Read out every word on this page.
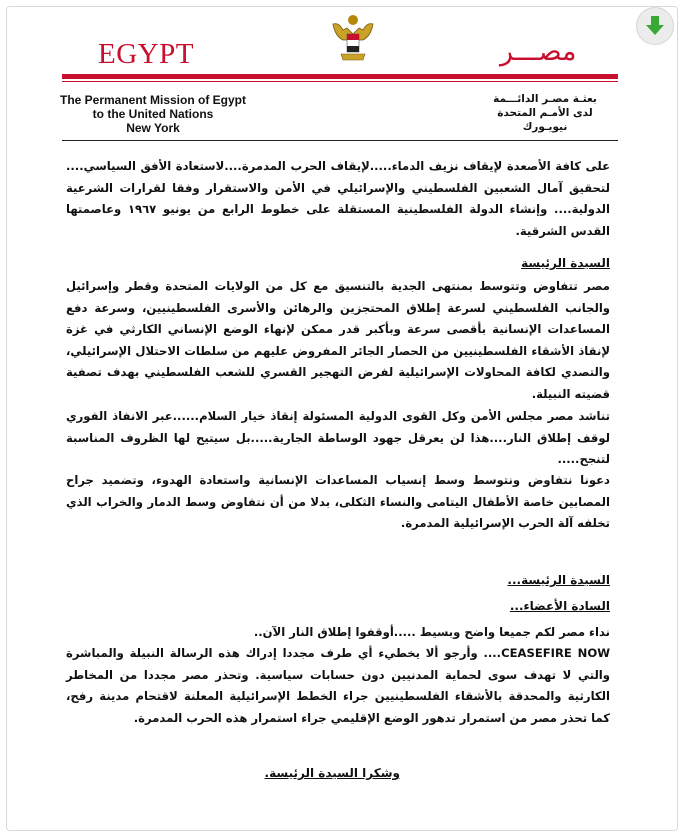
EGYPT	مصـــر
The Permanent Mission of Egypt
to the United Nations
New York
بعثـة مصـر الدائـــمة
لدى الأمـم المتحدة
نيويـورك

على كافة الأصعدة لإيقاف نزيف الدماء.....لإيقاف الحرب المدمرة....لاستعادة الأفق السياسي.... لتحقيق آمال الشعبين الفلسطيني والإسرائيلي في الأمن والاستقرار وفقا لقرارات الشرعية الدولية.... وإنشاء الدولة الفلسطينية المستقلة على خطوط الرابع من يونيو ١٩٦٧ وعاصمتها القدس الشرقية.

السيدة الرئيسة

مصر تتفاوض وتتوسط بمنتهى الجدية بالتنسيق مع كل من الولايات المتحدة وقطر وإسرائيل والجانب الفلسطيني لسرعة إطلاق المحتجزين والرهائن والأسرى الفلسطينيين، وسرعة دفع المساعدات الإنسانية بأقصى سرعة وبأكبر قدر ممكن لإنهاء الوضع الإنساني الكارثي في غزة لإنقاذ الأشقاء الفلسطينيين من الحصار الجائر المفروض عليهم من سلطات الاحتلال الإسرائيلي، والتصدي لكافة المحاولات الإسرائيلية لفرض التهجير القسري للشعب الفلسطيني بهدف تصفية قضيته النبيلة.

تناشد مصر مجلس الأمن وكل القوى الدولية المسئولة إنقاذ خيار السلام......عبر الانفاذ الفوري لوقف إطلاق النار....هذا لن يعرقل جهود الوساطة الجارية.....بل سيتيح لها الظروف المناسبة لتنجح.....

دعونا نتفاوض ونتوسط وسط إنسياب المساعدات الإنسانية واستعادة الهدوء، وتضميد جراح المصابين خاصة الأطفال اليتامى والنساء الثكلى، بدلا من أن نتفاوض وسط الدمار والخراب الذي تخلفه آلة الحرب الإسرائيلية المدمرة.

السيدة الرئيسة...

السادة الأعضاء...

نداء مصر لكم جميعا واضح وبسيط .....أوقفوا إطلاق النار الآن..

CEASEFIRE NOW.... وأرجو ألا يخطيء أي طرف مجددا إدراك هذه الرسالة النبيلة والمباشرة والتي لا تهدف سوى لحماية المدنيين دون حسابات سياسية. وتحذر مصر مجددا من المخاطر الكارثية والمحدقة بالأشقاء الفلسطينيين جراء الخطط الإسرائيلية المعلنة لاقتحام مدينة رفح، كما تحذر مصر من استمرار تدهور الوضع الإقليمي جراء استمرار هذه الحرب المدمرة.

وشكرا السيدة الرئيسة.
